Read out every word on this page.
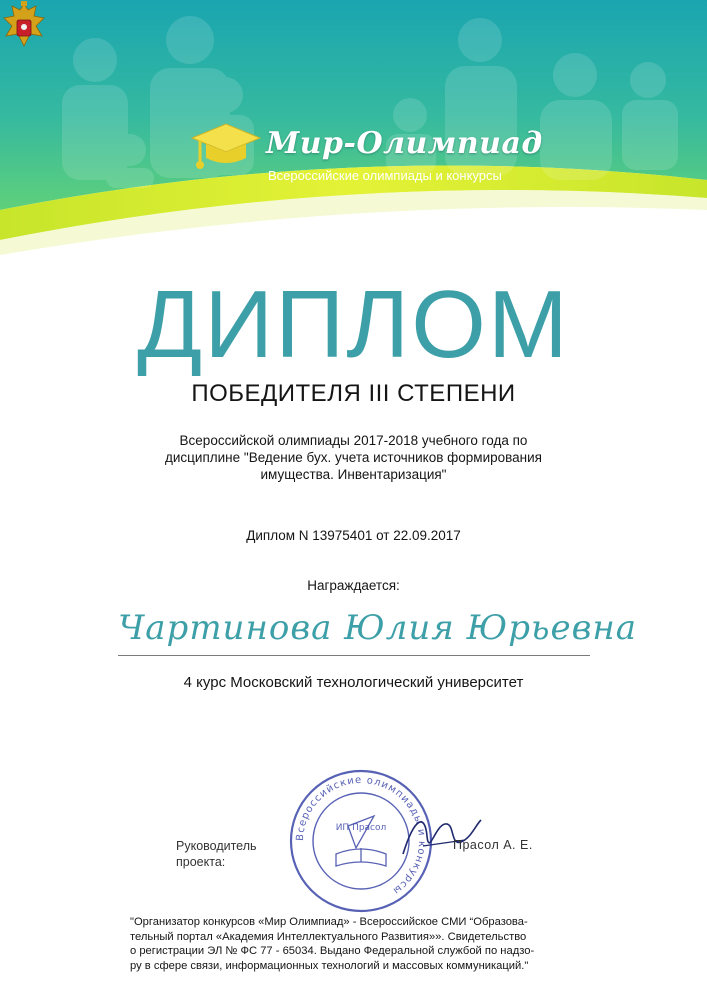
Мир-Олимпиад
Всероссийские олимпиады и конкурсы
ДИПЛОМ
ПОБЕДИТЕЛЯ III СТЕПЕНИ
Всероссийской олимпиады 2017-2018 учебного года по
дисциплине "Ведение бух. учета источников формирования
имущества. Инвентаризация"
Диплом N 13975401 от 22.09.2017
Награждается:
Чартинова Юлия Юрьевна
4 курс Московский технологический университет
Руководитель
проекта:
Всероссийские олимпиады и конкурсы
ИП Прасол
Прасол А. Е.
"Организатор конкурсов «Мир Олимпиад» - Всероссийское СМИ “Образова-
тельный портал «Академия Интеллектуального Развития»». Свидетельство
о регистрации ЭЛ № ФС 77 - 65034. Выдано Федеральной службой по надзо-
ру в сфере связи, информационных технологий и массовых коммуникаций."
